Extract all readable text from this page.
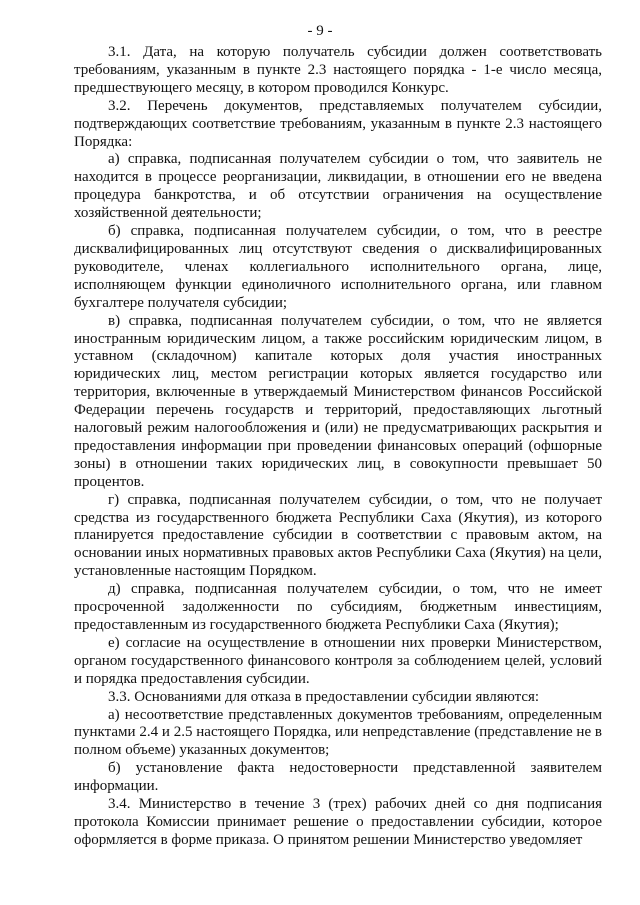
- 9 -

3.1. Дата, на которую получатель субсидии должен соответствовать требованиям, указанным в пункте 2.3 настоящего порядка - 1-е число месяца, предшествующего месяцу, в котором проводился Конкурс.

3.2. Перечень документов, представляемых получателем субсидии, подтверждающих соответствие требованиям, указанным в пункте 2.3 настоящего Порядка:

а) справка, подписанная получателем субсидии о том, что заявитель не находится в процессе реорганизации, ликвидации, в отношении его не введена процедура банкротства, и об отсутствии ограничения на осуществление хозяйственной деятельности;

б) справка, подписанная получателем субсидии, о том, что в реестре дисквалифицированных лиц отсутствуют сведения о дисквалифицированных руководителе, членах коллегиального исполнительного органа, лице, исполняющем функции единоличного исполнительного органа, или главном бухгалтере получателя субсидии;

в) справка, подписанная получателем субсидии, о том, что не является иностранным юридическим лицом, а также российским юридическим лицом, в уставном (складочном) капитале которых доля участия иностранных юридических лиц, местом регистрации которых является государство или территория, включенные в утверждаемый Министерством финансов Российской Федерации перечень государств и территорий, предоставляющих льготный налоговый режим налогообложения и (или) не предусматривающих раскрытия и предоставления информации при проведении финансовых операций (офшорные зоны) в отношении таких юридических лиц, в совокупности превышает 50 процентов.

г) справка, подписанная получателем субсидии, о том, что не получает средства из государственного бюджета Республики Саха (Якутия), из которого планируется предоставление субсидии в соответствии с правовым актом, на основании иных нормативных правовых актов Республики Саха (Якутия) на цели, установленные настоящим Порядком.

д) справка, подписанная получателем субсидии, о том, что не имеет просроченной задолженности по субсидиям, бюджетным инвестициям, предоставленным из государственного бюджета Республики Саха (Якутия);

е) согласие на осуществление в отношении них проверки Министерством, органом государственного финансового контроля за соблюдением целей, условий и порядка предоставления субсидии.

3.3. Основаниями для отказа в предоставлении субсидии являются:

а) несоответствие представленных документов требованиям, определенным пунктами 2.4 и 2.5 настоящего Порядка, или непредставление (представление не в полном объеме) указанных документов;

б) установление факта недостоверности представленной заявителем информации.

3.4. Министерство в течение 3 (трех) рабочих дней со дня подписания протокола Комиссии принимает решение о предоставлении субсидии, которое оформляется в форме приказа. О принятом решении Министерство уведомляет
